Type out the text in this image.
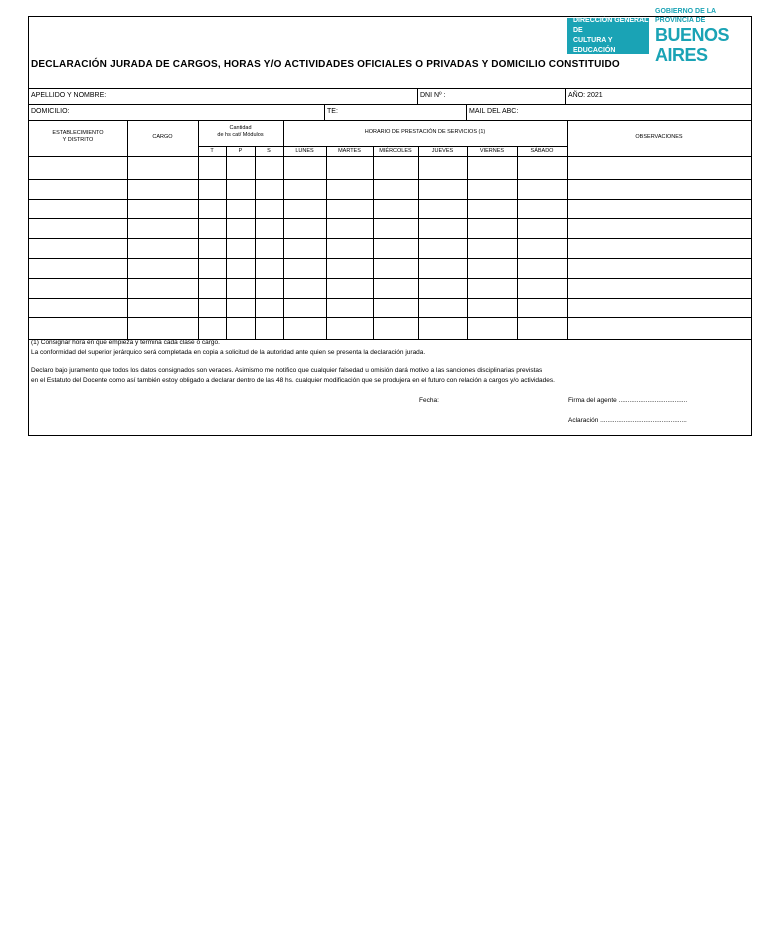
DIRECCIÓN GENERAL DE
CULTURA Y EDUCACIÓN
GOBIERNO DE LA PROVINCIA DE
BUENOS AIRES
DECLARACIÓN JURADA DE CARGOS, HORAS Y/O ACTIVIDADES OFICIALES O PRIVADAS Y DOMICILIO CONSTITUIDO
APELLIDO Y NOMBRE:	DNI Nº :	AÑO: 2021
DOMICILIO:	TE:	MAIL DEL ABC:
ESTABLECIMIENTO
Y DISTRITO	CARGO
Cantidad
de hs cat/ Módulos
T	P	S
HORARIO DE PRESTACIÓN DE SERVICIOS (1)
LUNES	MARTES	MIÉRCOLES	JUEVES	VIERNES	SÁBADO
OBSERVACIONES
(1) Consignar hora en que empieza y termina cada clase o cargo.
La conformidad del superior jerárquico será completada en copia a solicitud de la autoridad ante quien se presenta la declaración jurada.
Declaro bajo juramento que todos los datos consignados son veraces. Asimismo me notifico que cualquier falsedad u omisión dará motivo a las sanciones disciplinarias previstas
en el Estatuto del Docente como así también estoy obligado a declarar dentro de las 48 hs. cualquier modificación que se produjera en el futuro con relación a cargos y/o actividades.
Fecha:	Firma del agente ......................................
Aclaración ................................................
